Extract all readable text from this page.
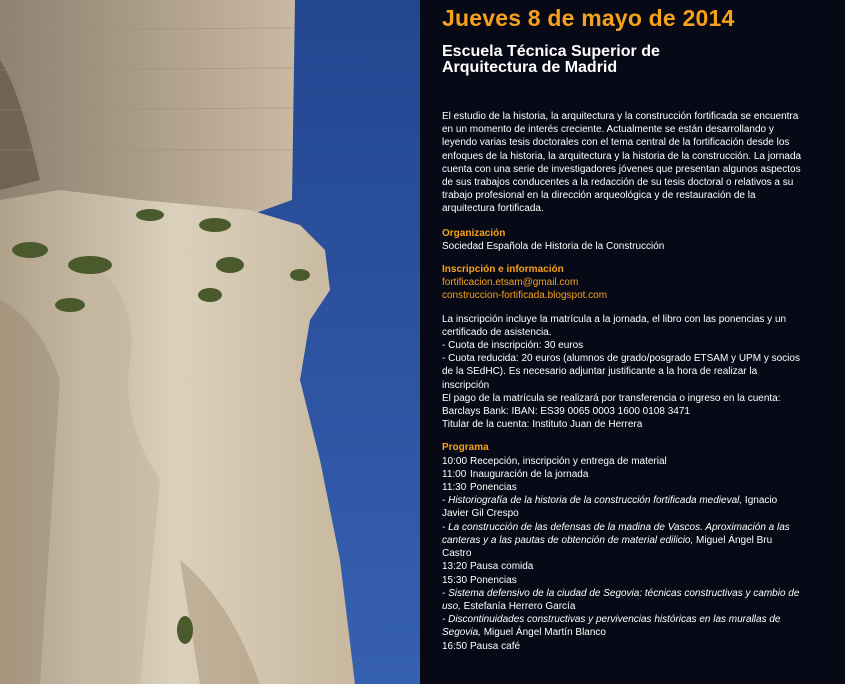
Jueves 8 de mayo de 2014
Escuela Técnica Superior de
Arquitectura de Madrid

El estudio de la historia, la arquitectura y la construcción fortificada se encuentra en un momento de interés creciente. Actualmente se están desarrollando y leyendo varias tesis doctorales con el tema central de la fortificación desde los enfoques de la historia, la arquitectura y la historia de la construcción. La jornada cuenta con una serie de investigadores jóvenes que presentan algunos aspectos de sus trabajos conducentes a la redacción de su tesis doctoral o relativos a su trabajo profesional en la dirección arqueológica y de restauración de la arquitectura fortificada.

Organización

Sociedad Española de Historia de la Construcción

Inscripción e información

fortificacion.etsam@gmail.com
construccion-fortificada.blogspot.com

La inscripción incluye la matrícula a la jornada, el libro con las ponencias y un certificado de asistencia.

- Cuota de inscripción: 30 euros

- Cuota reducida: 20 euros (alumnos de grado/posgrado ETSAM y UPM y socios de la SEdHC). Es necesario adjuntar justificante a la hora de realizar la inscripción

El pago de la matrícula se realizará por transferencia o ingreso en la cuenta:

Barclays Bank: IBAN: ES39 0065 0003 1600 0108 3471

Titular de la cuenta: Instituto Juan de Herrera

Programa

10:00 Recepción, inscripción y entrega de material
11:00 Inauguración de la jornada
11:30 Ponencias

- Historiografía de la historia de la construcción fortificada medieval, Ignacio Javier Gil Crespo

- La construcción de las defensas de la madina de Vascos. Aproximación a las canteras y a las pautas de obtención de material edilicio, Miguel Ángel Bru Castro

13:20 Pausa comida
15:30 Ponencias

- Sistema defensivo de la ciudad de Segovia: técnicas constructivas y cambio de uso, Estefanía Herrero García

- Discontinuidades constructivas y pervivencias históricas en las murallas de Segovia, Miguel Ángel Martín Blanco

16:50 Pausa café
